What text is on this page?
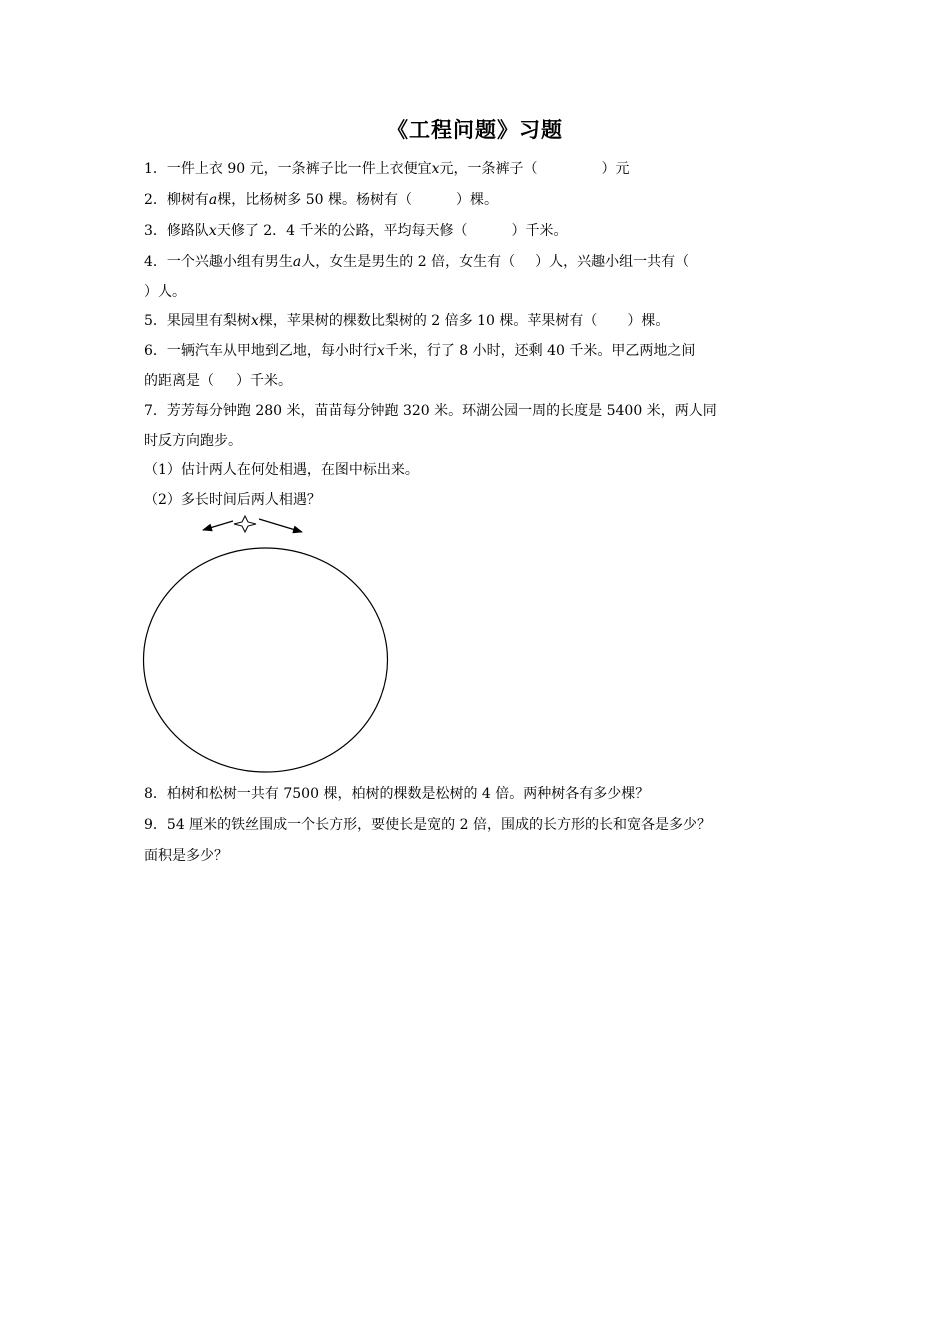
《工程问题》习题
1．一件上衣 90 元，一条裤子比一件上衣便宜x元，一条裤子（	）元
2．柳树有a棵，比杨树多 50 棵。杨树有（	）棵。
3．修路队x天修了 2．4 千米的公路，平均每天修（	）千米。
4．一个兴趣小组有男生a人，女生是男生的 2 倍，女生有（ ）人，兴趣小组一共有（
）人。
5．果园里有梨树x棵，苹果树的棵数比梨树的 2 倍多 10 棵。苹果树有（ ）棵。
6．一辆汽车从甲地到乙地，每小时行x千米，行了 8 小时，还剩 40 千米。甲乙两地之间
的距离是（ ）千米。
7．芳芳每分钟跑 280 米，苗苗每分钟跑 320 米。环湖公园一周的长度是 5400 米，两人同
时反方向跑步。
（1）估计两人在何处相遇，在图中标出来。
（2）多长时间后两人相遇？
8．柏树和松树一共有 7500 棵，柏树的棵数是松树的 4 倍。两种树各有多少棵？
9．54 厘米的铁丝围成一个长方形，要使长是宽的 2 倍，围成的长方形的长和宽各是多少？
面积是多少？
